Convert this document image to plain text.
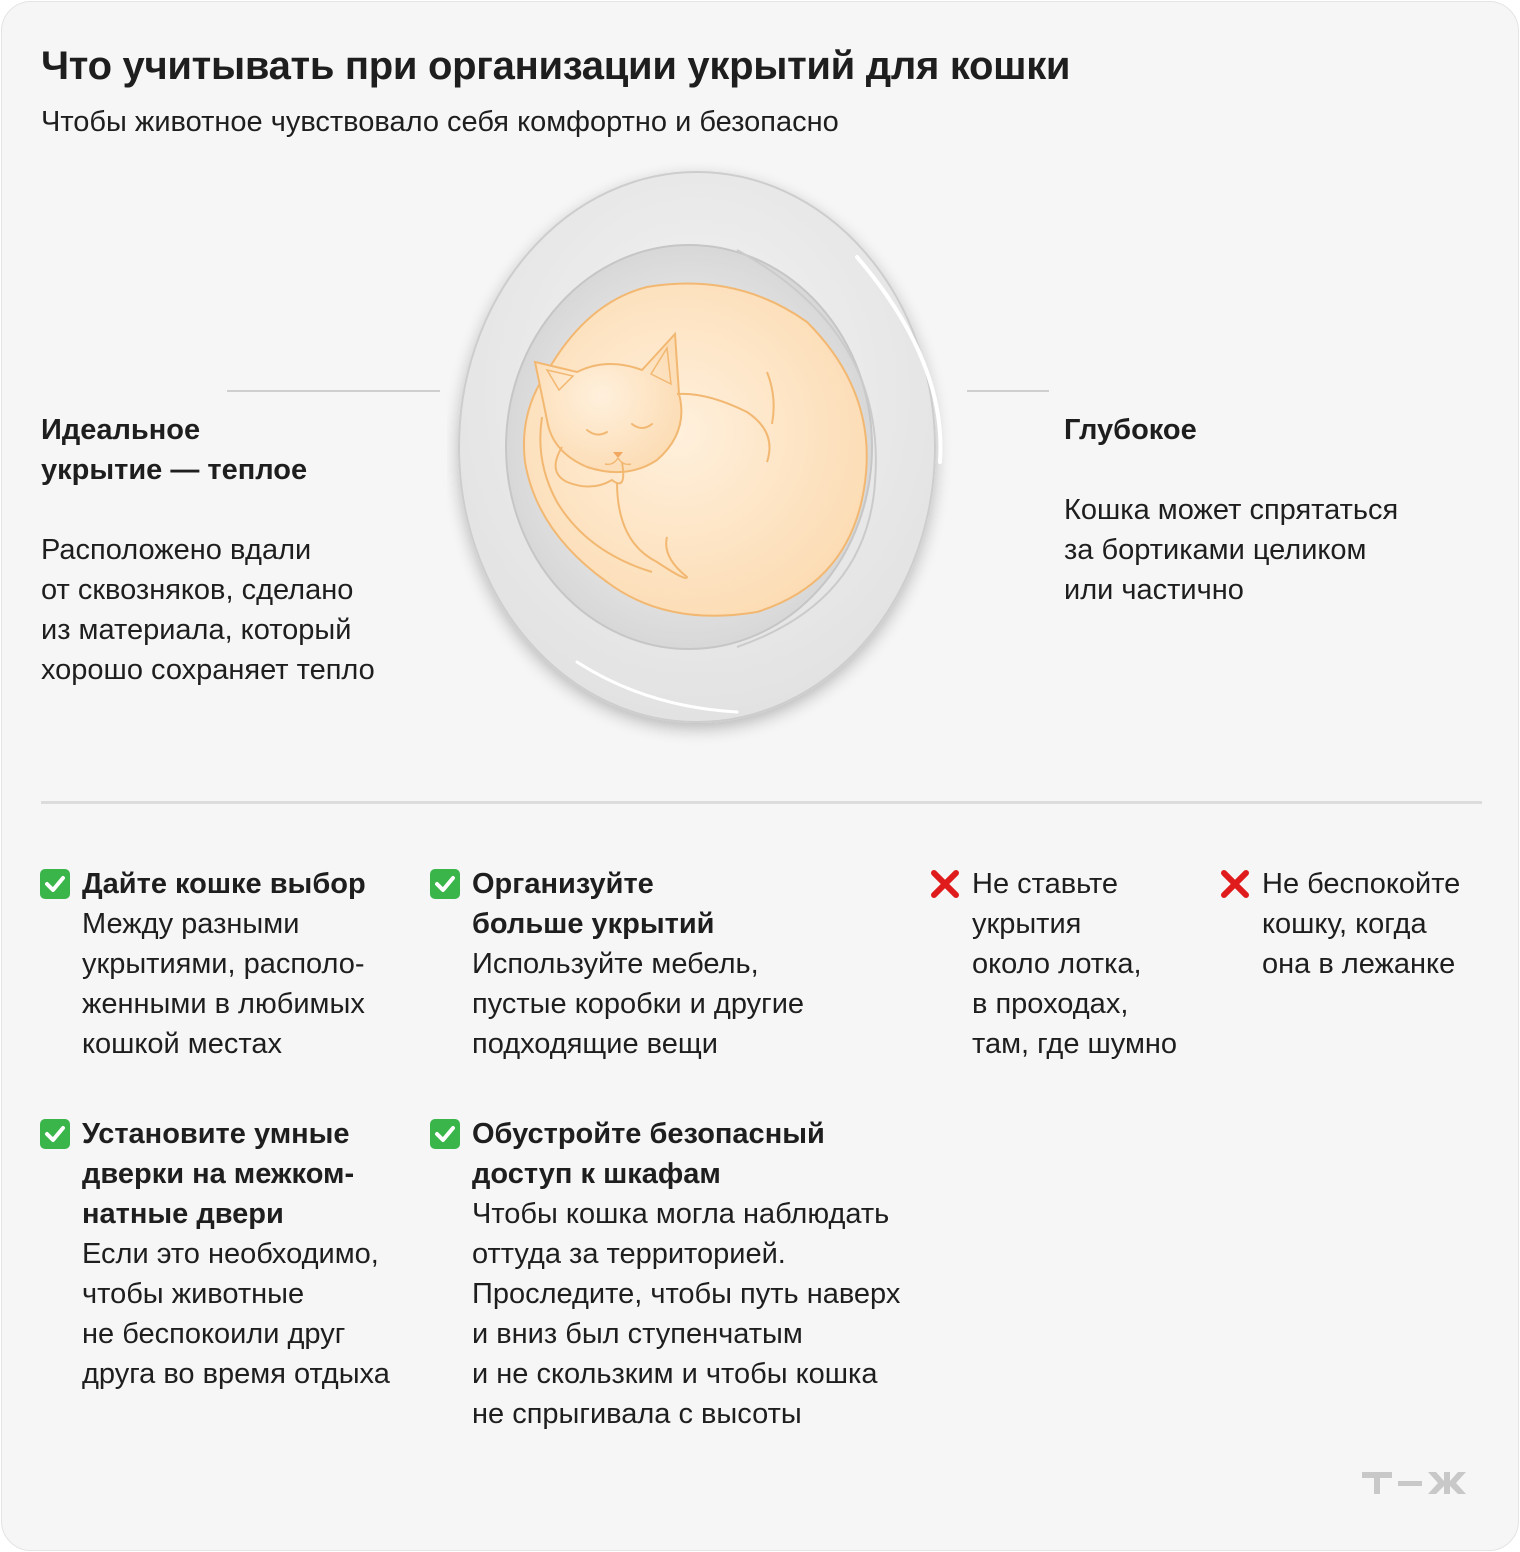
Что учитывать при организации укрытий для кошки

Чтобы животное чувствовало себя комфортно и безопасно

Идеальное
укрытие — теплое

Расположено вдали
от сквозняков, сделано
из материала, который
хорошо сохраняет тепло

Глубокое

Кошка может спрятаться
за бортиками целиком
или частично

Дайте кошке выбор
Между разными
укрытиями, располо-
женными в любимых
кошкой местах
Организуйте
больше укрытий
Используйте мебель,
пустые коробки и другие
подходящие вещи
Не ставьте
укрытия
около лотка,
в проходах,
там, где шумно
Не беспокойте
кошку, когда
она в лежанке
Установите умные
дверки на межком-
натные двери
Если это необходимо,
чтобы животные
не беспокоили друг
друга во время отдыха
Обустройте безопасный
доступ к шкафам
Чтобы кошка могла наблюдать
оттуда за территорией.
Проследите, чтобы путь наверх
и вниз был ступенчатым
и не скользким и чтобы кошка
не спрыгивала с высоты
